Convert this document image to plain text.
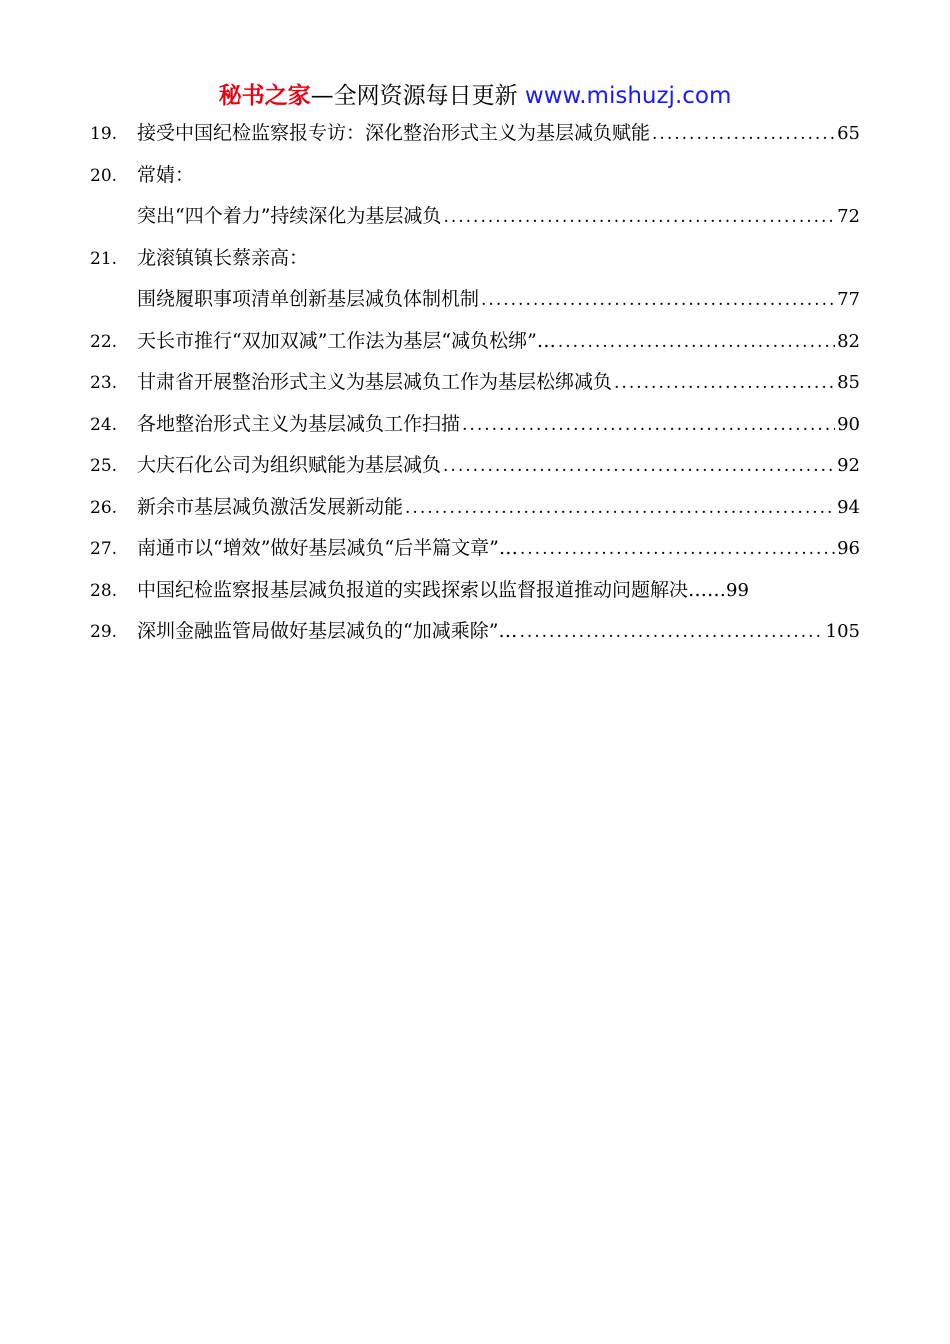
秘书之家—全网资源每日更新 www.mishuzj.com
19.	接受中国纪检监察报专访：深化整治形式主义为基层减负赋能 .....	65
20.	常婧：
突出“四个着力”持续深化为基层减负 .....	72
21.	龙滚镇镇长蔡亲高：
围绕履职事项清单创新基层减负体制机制 .....	77
22.	天长市推行“双加双减”工作法为基层“减负松绑”… .....	82
23.	甘肃省开展整治形式主义为基层减负工作为基层松绑减负 .....	85
24.	各地整治形式主义为基层减负工作扫描 .....	90
25.	大庆石化公司为组织赋能为基层减负 .....	92
26.	新余市基层减负激活发展新动能 .....	94
27.	南通市以“增效”做好基层减负“后半篇文章”… .....	96
28.	中国纪检监察报基层减负报道的实践探索以监督报道推动问题解决…… 99
29.	深圳金融监管局做好基层减负的“加减乘除”… .....	105
